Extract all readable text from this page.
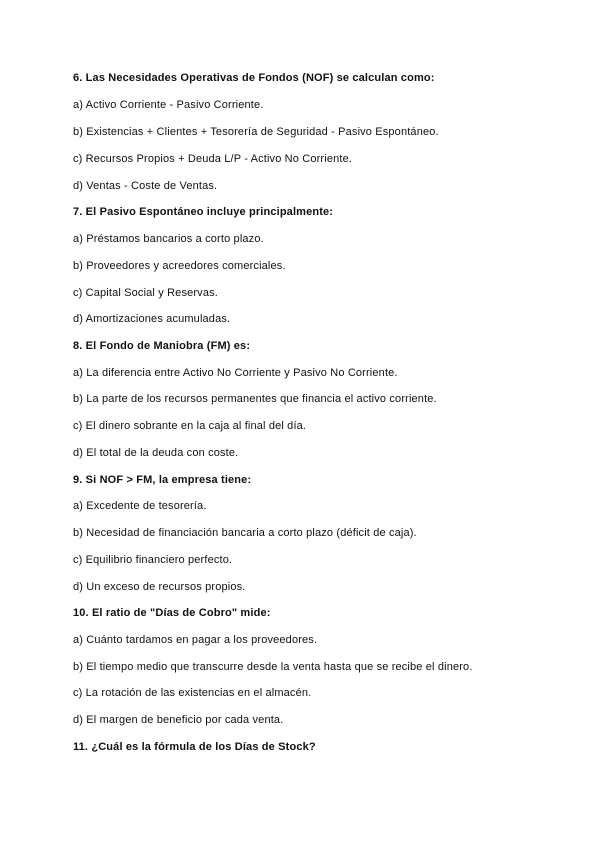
6. Las Necesidades Operativas de Fondos (NOF) se calculan como:
a) Activo Corriente - Pasivo Corriente.
b) Existencias + Clientes + Tesorería de Seguridad - Pasivo Espontáneo.
c) Recursos Propios + Deuda L/P - Activo No Corriente.
d) Ventas - Coste de Ventas.
7. El Pasivo Espontáneo incluye principalmente:
a) Préstamos bancarios a corto plazo.
b) Proveedores y acreedores comerciales.
c) Capital Social y Reservas.
d) Amortizaciones acumuladas.
8. El Fondo de Maniobra (FM) es:
a) La diferencia entre Activo No Corriente y Pasivo No Corriente.
b) La parte de los recursos permanentes que financia el activo corriente.
c) El dinero sobrante en la caja al final del día.
d) El total de la deuda con coste.
9. Si NOF > FM, la empresa tiene:
a) Excedente de tesorería.
b) Necesidad de financiación bancaria a corto plazo (déficit de caja).
c) Equilibrio financiero perfecto.
d) Un exceso de recursos propios.
10. El ratio de "Días de Cobro" mide:
a) Cuánto tardamos en pagar a los proveedores.
b) El tiempo medio que transcurre desde la venta hasta que se recibe el dinero.
c) La rotación de las existencias en el almacén.
d) El margen de beneficio por cada venta.
11. ¿Cuál es la fórmula de los Días de Stock?
